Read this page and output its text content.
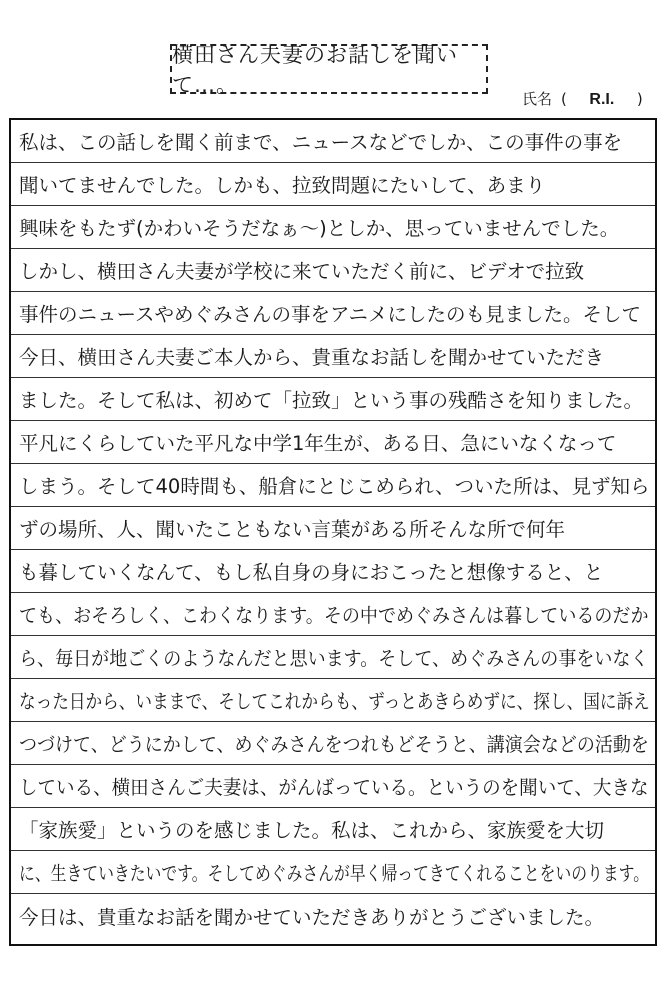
横田さん夫妻のお話しを聞いて…。
氏名 ( R.I. )
私は、この話しを聞く前まで、ニュースなどでしか、この事件の事を
聞いてませんでした。しかも、拉致問題にたいして、あまり
興味をもたず(かわいそうだなぁ〜)としか、思っていませんでした。
しかし、横田さん夫妻が学校に来ていただく前に、ビデオで拉致
事件のニュースやめぐみさんの事をアニメにしたのも見ました。そして
今日、横田さん夫妻ご本人から、貴重なお話しを聞かせていただき
ました。そして私は、初めて「拉致」という事の残酷さを知りました。
平凡にくらしていた平凡な中学1年生が、ある日、急にいなくなって
しまう。そして40時間も、船倉にとじこめられ、ついた所は、見ず知ら
ずの場所、人、聞いたこともない言葉がある所そんな所で何年
も暮していくなんて、もし私自身の身におこったと想像すると、と
ても、おそろしく、こわくなります。その中でめぐみさんは暮しているのだか
ら、毎日が地ごくのようなんだと思います。そして、めぐみさんの事をいなく
なった日から、いままで、そしてこれからも、ずっとあきらめずに、探し、国に訴え
つづけて、どうにかして、めぐみさんをつれもどそうと、講演会などの活動を
している、横田さんご夫妻は、がんばっている。というのを聞いて、大きな
「家族愛」というのを感じました。私は、これから、家族愛を大切
に、生きていきたいです。そしてめぐみさんが早く帰ってきてくれることをいのります。
今日は、貴重なお話を聞かせていただきありがとうございました。
